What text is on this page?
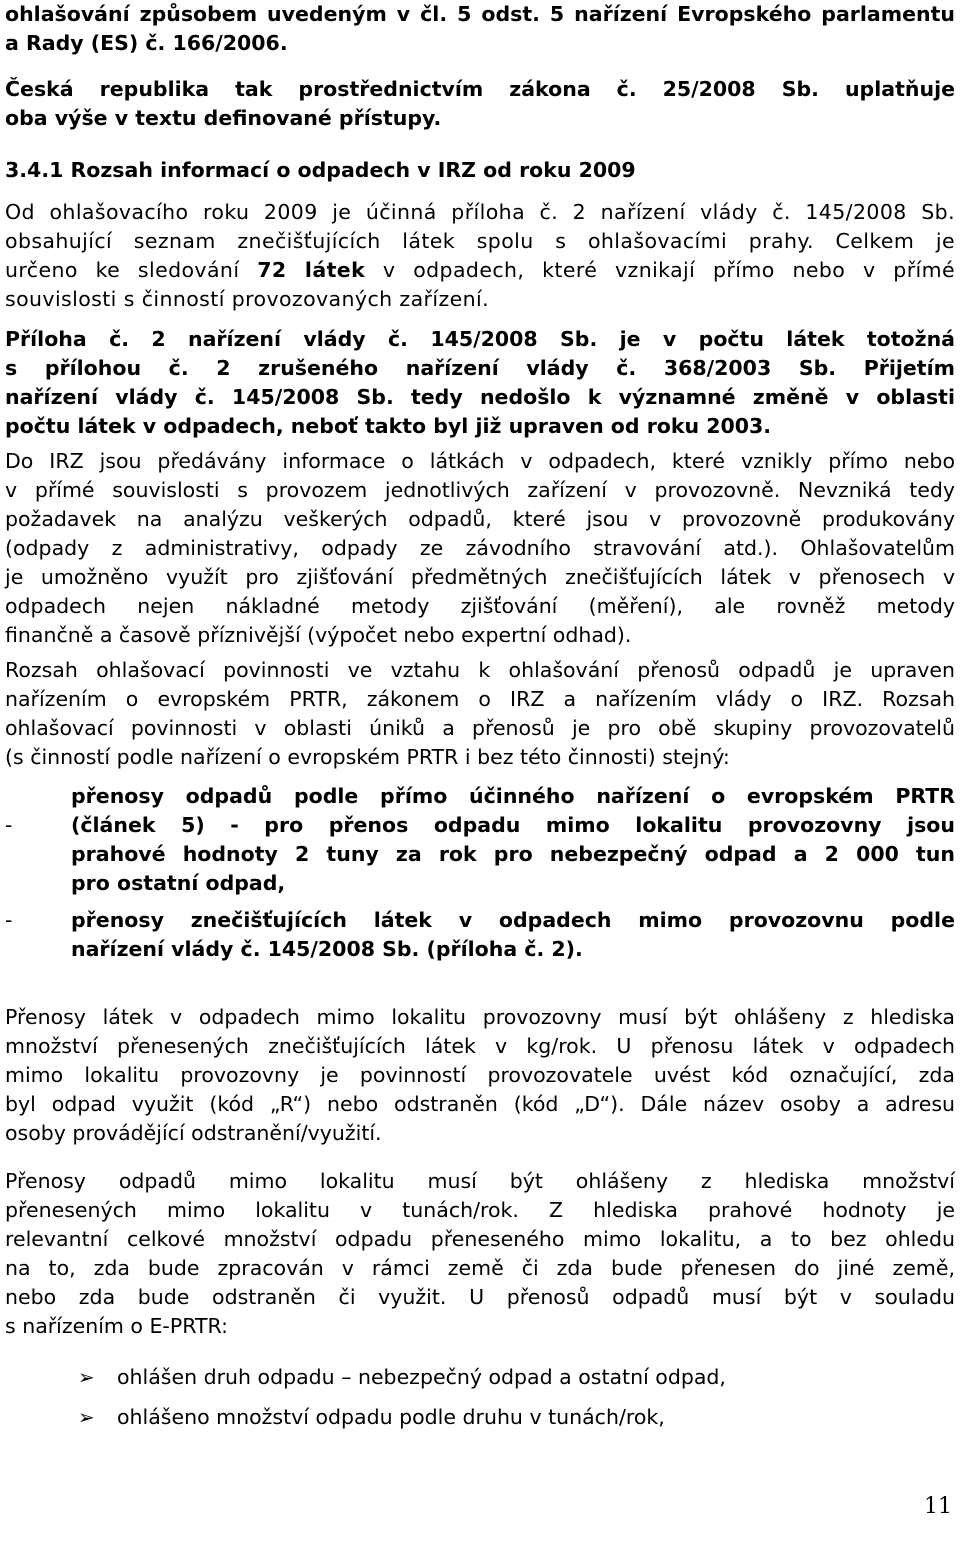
ohlašování způsobem uvedeným v čl. 5 odst. 5 nařízení Evropského parlamentu

a Rady (ES) č. 166/2006.

Česká republika tak prostřednictvím zákona č. 25/2008 Sb. uplatňuje

oba výše v textu definované přístupy.

3.4.1 Rozsah informací o odpadech v IRZ od roku 2009

Od ohlašovacího roku 2009 je účinná příloha č. 2 nařízení vlády č. 145/2008 Sb.

obsahující seznam znečišťujících látek spolu s ohlašovacími prahy. Celkem je

určeno ke sledování 72 látek v odpadech, které vznikají přímo nebo v přímé

souvislosti s činností provozovaných zařízení.

Příloha č. 2 nařízení vlády č. 145/2008 Sb. je v počtu látek totožná

s přílohou č. 2 zrušeného nařízení vlády č. 368/2003 Sb. Přijetím

nařízení vlády č. 145/2008 Sb. tedy nedošlo k významné změně v oblasti

počtu látek v odpadech, neboť takto byl již upraven od roku 2003.

Do IRZ jsou předávány informace o látkách v odpadech, které vznikly přímo nebo

v přímé souvislosti s provozem jednotlivých zařízení v provozovně. Nevzniká tedy

požadavek na analýzu veškerých odpadů, které jsou v provozovně produkovány

(odpady z administrativy, odpady ze závodního stravování atd.). Ohlašovatelům

je umožněno využít pro zjišťování předmětných znečišťujících látek v přenosech v

odpadech nejen nákladné metody zjišťování (měření), ale rovněž metody

finančně a časově příznivější (výpočet nebo expertní odhad).

Rozsah ohlašovací povinnosti ve vztahu k ohlašování přenosů odpadů je upraven

nařízením o evropském PRTR, zákonem o IRZ a nařízením vlády o IRZ. Rozsah

ohlašovací povinnosti v oblasti úniků a přenosů je pro obě skupiny provozovatelů

(s činností podle nařízení o evropském PRTR i bez této činnosti) stejný:

-

přenosy odpadů podle přímo účinného nařízení o evropském PRTR

(článek 5) - pro přenos odpadu mimo lokalitu provozovny jsou

prahové hodnoty 2 tuny za rok pro nebezpečný odpad a 2 000 tun

pro ostatní odpad,

-	přenosy znečišťujících látek v odpadech mimo provozovnu podle

nařízení vlády č. 145/2008 Sb. (příloha č. 2).

Přenosy látek v odpadech mimo lokalitu provozovny musí být ohlášeny z hlediska

množství přenesených znečišťujících látek v kg/rok. U přenosu látek v odpadech

mimo lokalitu provozovny je povinností provozovatele uvést kód označující, zda

byl odpad využit (kód „R“) nebo odstraněn (kód „D“). Dále název osoby a adresu

osoby provádějící odstranění/využití.

Přenosy odpadů mimo lokalitu musí být ohlášeny z hlediska množství

přenesených mimo lokalitu v tunách/rok. Z hlediska prahové hodnoty je

relevantní celkové množství odpadu přeneseného mimo lokalitu, a to bez ohledu

na to, zda bude zpracován v rámci země či zda bude přenesen do jiné země,

nebo zda bude odstraněn či využit. U přenosů odpadů musí být v souladu

s nařízením o E-PRTR:

➢ ohlášen druh odpadu – nebezpečný odpad a ostatní odpad,
➢ ohlášeno množství odpadu podle druhu v tunách/rok,
11
